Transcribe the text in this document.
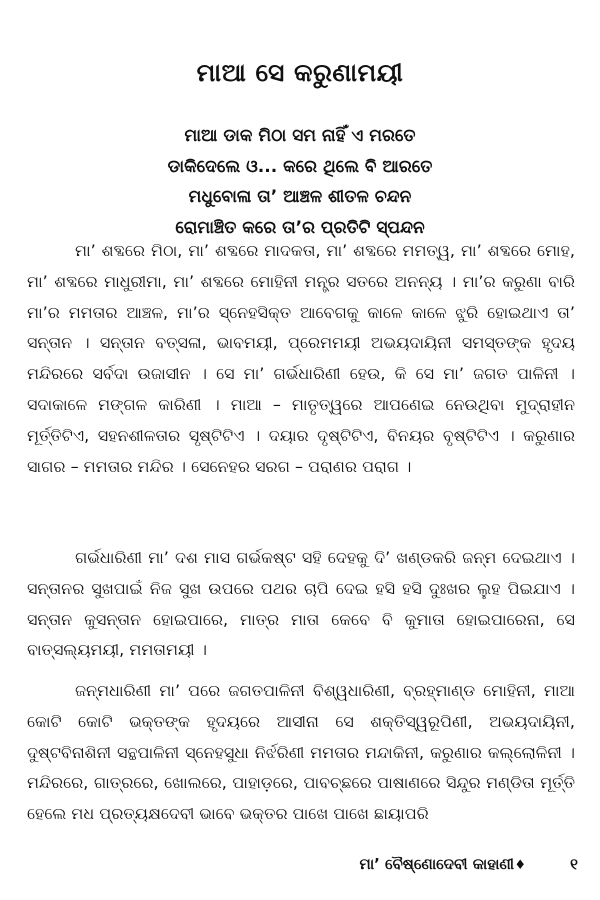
ମାଆ ସେ କରୁଣାମୟୀ
ମାଆ ଡାକ ମିଠା ସମ ନାହିଁ ଏ ମରତେ
ଡାକିଦେଲେ ଓ... କରେ ଥିଲେ ବି ଆରତେ
ମଧୁବୋଳା ତା’ ଆଞ୍ଚଳ ଶୀତଳ ଚନ୍ଦନ
ରୋମାଞ୍ଚିତ କରେ ତା’ର ପ୍ରତିଟି ସ୍ପନ୍ଦନ

ମା’ ଶବ୍ଦରେ ମିଠା, ମା’ ଶବ୍ଦରେ ମାଦକତା, ମା’ ଶବ୍ଦରେ ମମତ୍ୱ, ମା’ ଶବ୍ଦରେ ମୋହ, ମା’ ଶବ୍ଦରେ ମାଧୁରୀମା, ମା’ ଶବ୍ଦରେ ମୋହିନୀ ମନ୍ତ୍ର ସତରେ ଅନନ୍ୟ । ମା’ର କରୁଣା ବାରି ମା’ର ମମତାର ଆଞ୍ଚଳ, ମା’ର ସ୍ନେହସିକ୍ତ ଆବେଗକୁ କାଳେ କାଳେ ଝୁରି ହୋଇଥାଏ ତା’ ସନ୍ତାନ । ସନ୍ତାନ ବତ୍ସଳା, ଭାବମୟୀ, ପ୍ରେମମୟୀ ଅଭୟଦାୟିନୀ ସମସ୍ତଙ୍କ ହୃଦୟ ମନ୍ଦିରରେ ସର୍ବଦା ଉଜାସୀନ । ସେ ମା’ ଗର୍ଭଧାରିଣୀ ହେଉ, କି ସେ ମା’ ଜଗତ ପାଳିନୀ । ସଦାକାଳେ ମଙ୍ଗଳ କାରିଣୀ । ମାଆ – ମାତୃତ୍ୱରେ ଆପଣେଇ ନେଉଥିବା ମୁଦ୍ରାହୀନ ମୂର୍ତ୍ତିଟିଏ, ସହନଶୀଳତାର ସୃଷ୍ଟିଟିଏ । ଦୟାର ଦୃଷ୍ଟିଟିଏ, ବିନୟର ବୃଷ୍ଟିଟିଏ । କରୁଣାର ସାଗର – ମମତାର ମନ୍ଦିର । ସେନେହର ସରଗ – ପରାଣର ପରାଗ ।

ଗର୍ଭଧାରିଣୀ ମା’ ଦଶ ମାସ ଗର୍ଭକଷ୍ଟ ସହି ଦେହକୁ ଦି’ ଖଣ୍ଡକରି ଜନ୍ମ ଦେଇଥାଏ । ସନ୍ତାନର ସୁଖପାଇଁ ନିଜ ସୁଖ ଉପରେ ପଥର ଚାପି ଦେଇ ହସି ହସି ଦୁଃଖର ଲୁହ ପିଇଯାଏ । ସନ୍ତାନ କୁସନ୍ତାନ ହୋଇପାରେ, ମାତ୍ର ମାତା କେବେ ବି କୁମାତା ହୋଇପାରେନା, ସେ ବାତ୍ସଲ୍ୟମୟୀ, ମମତାମୟୀ ।

ଜନ୍ମଧାରିଣୀ ମା’ ପରେ ଜଗତପାଳିନୀ ବିଶ୍ୱଧାରିଣୀ, ବ୍ରହ୍ମାଣ୍ଡ ମୋହିନୀ, ମାଆ କୋଟି କୋଟି ଭକ୍ତଙ୍କ ହୃଦୟରେ ଆସୀନା ସେ ଶକ୍ତିସ୍ୱରୂପିଣୀ, ଅଭୟଦାୟିନୀ, ଦୁଷ୍ଟବିନାଶିନୀ ସନ୍ଥପାଳିନୀ ସ୍ନେହସୁଧା ନିର୍ଝରିଣୀ ମମତାର ମନ୍ଦାକିନୀ, କରୁଣାର କଲ୍ଲୋଳିନୀ । ମନ୍ଦିରରେ, ଗାତ୍ରରେ, ଖୋଲରେ, ପାହାଡ଼ରେ, ପାବଚ୍ଛରେ ପାଷାଣରେ ସିନ୍ଦୁର ମଣ୍ଡିତା ମୂର୍ତ୍ତି ହେଲେ ମଧ ପ୍ରତ୍ୟକ୍ଷଦେବୀ ଭାବେ ଭକ୍ତର ପାଖେ ପାଖେ ଛାୟାପରି

ମା’ ବୈଷ୍ଣୋଦେବୀ କାହାଣୀ ♦	୧
